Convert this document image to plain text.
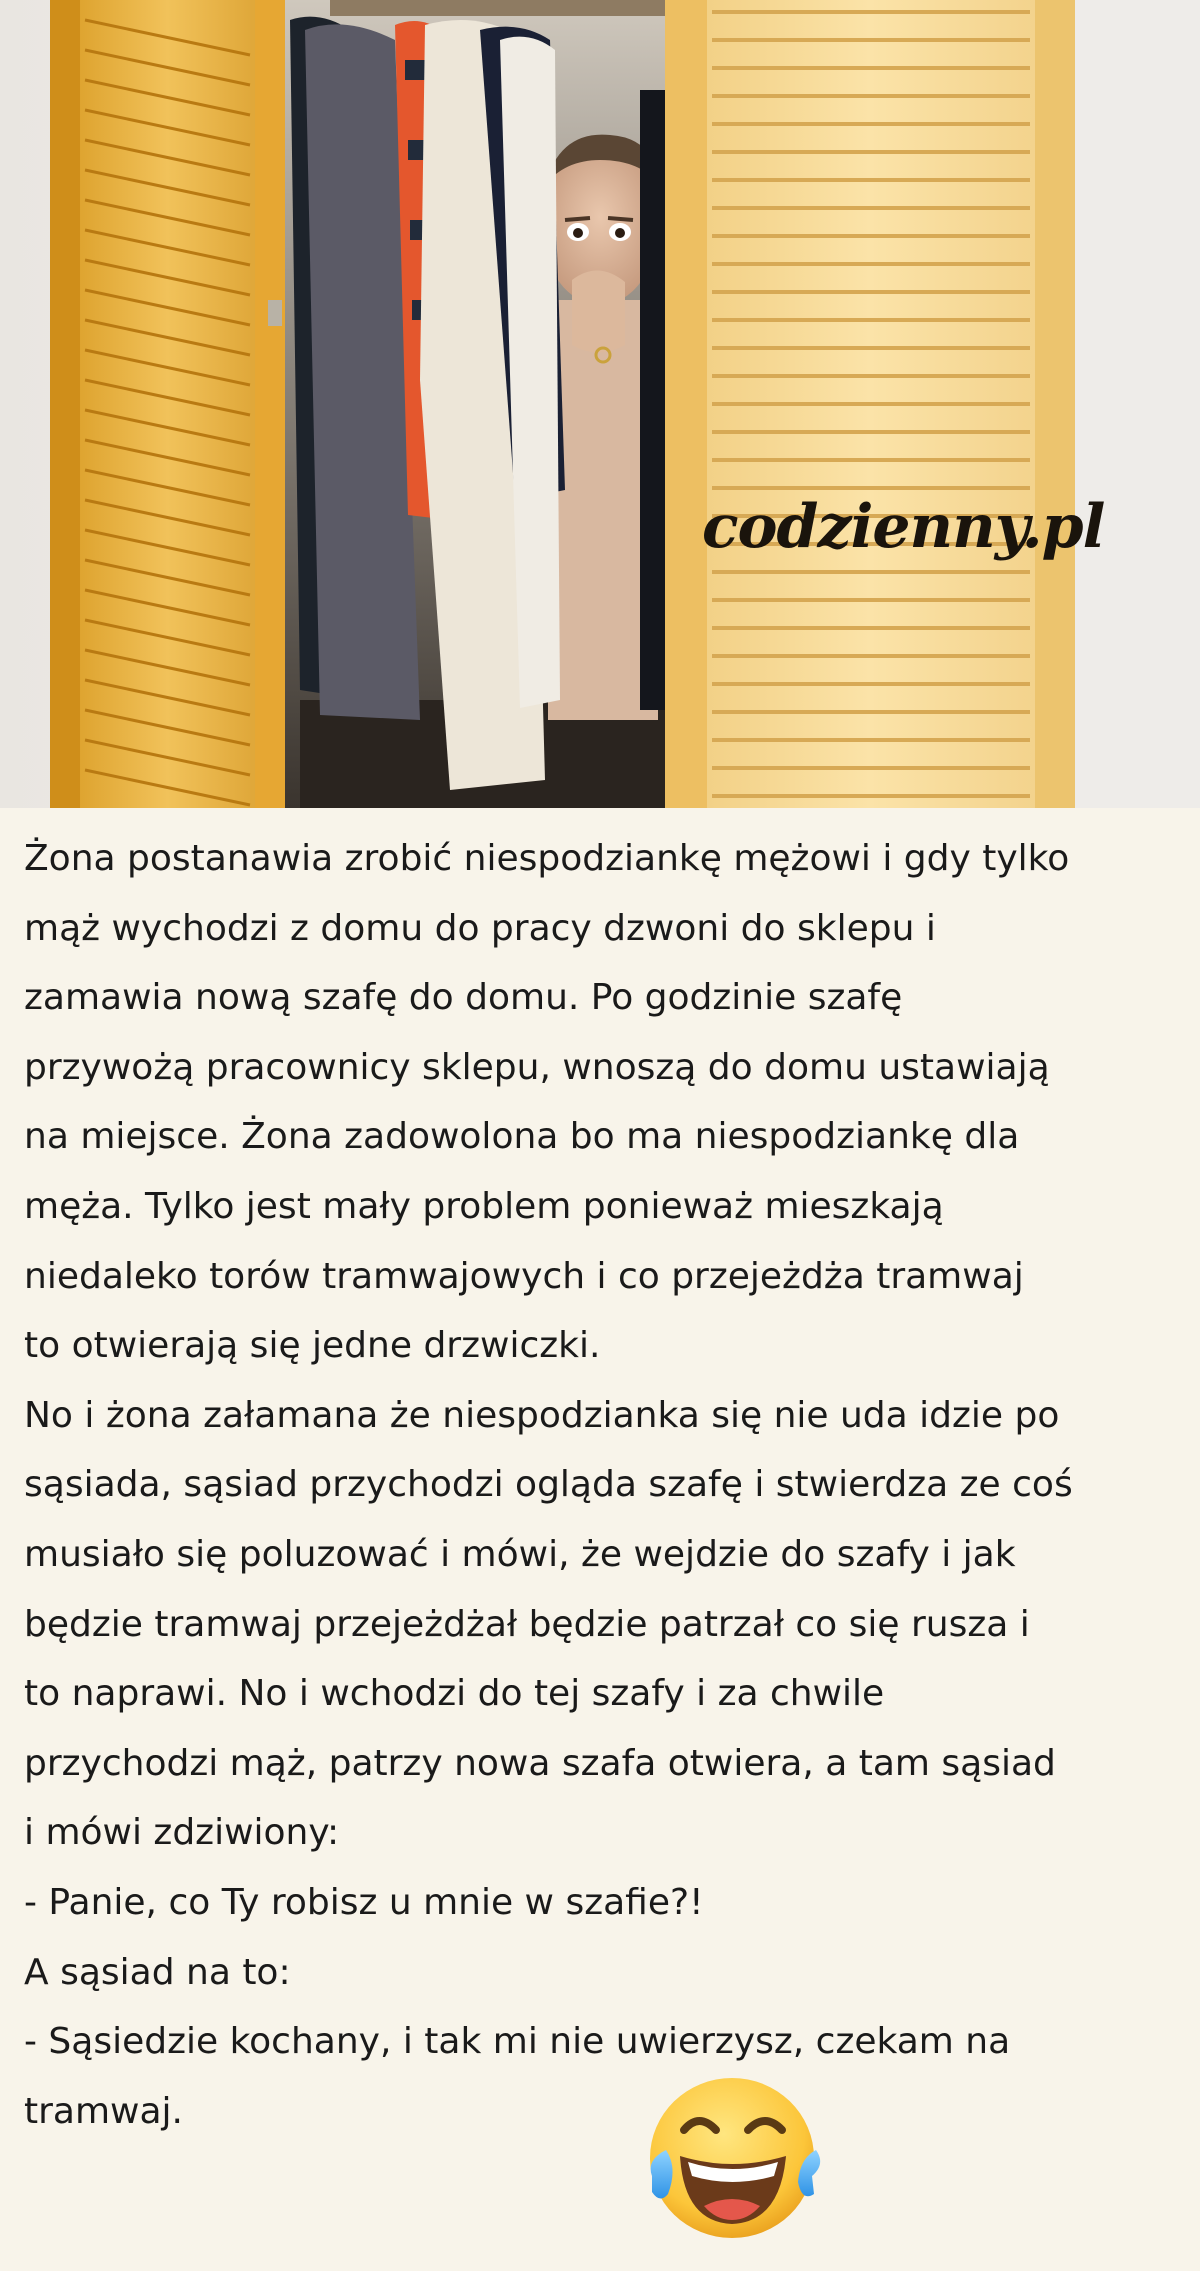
codzienny.pl

Żona postanawia zrobić niespodziankę mężowi i gdy tylko

mąż wychodzi z domu do pracy dzwoni do sklepu i

zamawia nową szafę do domu. Po godzinie szafę

przywożą pracownicy sklepu, wnoszą do domu ustawiają

na miejsce. Żona zadowolona bo ma niespodziankę dla

męża. Tylko jest mały problem ponieważ mieszkają

niedaleko torów tramwajowych i co przejeżdża tramwaj

to otwierają się jedne drzwiczki.

No i żona załamana że niespodzianka się nie uda idzie po

sąsiada, sąsiad przychodzi ogląda szafę i stwierdza ze coś

musiało się poluzować i mówi, że wejdzie do szafy i jak

będzie tramwaj przejeżdżał będzie patrzał co się rusza i

to naprawi. No i wchodzi do tej szafy i za chwile

przychodzi mąż, patrzy nowa szafa otwiera, a tam sąsiad

i mówi zdziwiony:

- Panie, co Ty robisz u mnie w szafie?!

A sąsiad na to:

- Sąsiedzie kochany, i tak mi nie uwierzysz, czekam na

tramwaj.
